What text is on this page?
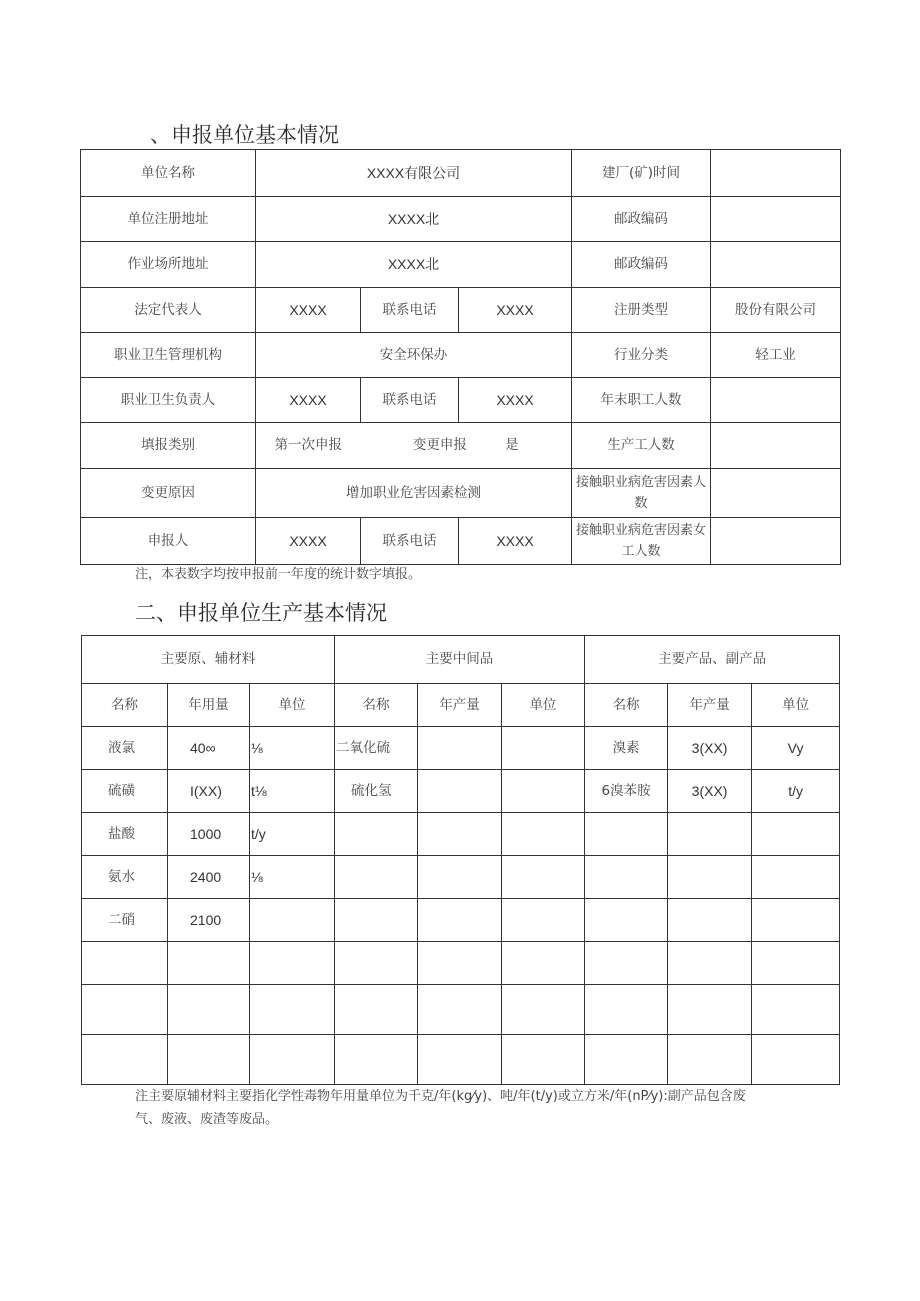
、申报单位基本情况
单位名称	XXXX有限公司			建厂(矿)时间	
单位注册地址	XXXX北			邮政编码	
作业场所地址	XXXX北			邮政编码	
法定代表人	XXXX	联系电话	XXXX	注册类型	股份有限公司
职业卫生管理机构	安全环保办			行业分类	轻工业
职业卫生负责人	XXXX	联系电话	XXXX	年末职工人数	
填报类别	第一次申报	变更申报 是		生产工人数	
变更原因	增加职业危害因素检测			接触职业病危害因素人数	
申报人	XXXX	联系电话	XXXX	接触职业病危害因素女工人数	
注，本表数字均按申报前一年度的统计数字填报。
二、申报单位生产基本情况
主要原、辅材料			主要中间品			主要产品、副产品		
名称	年用量	单位	名称	年产量	单位	名称	年产量	单位
液氯	40∞	⅛	二氧化硫			溴素	3(XX)	Vy
硫磺	I(XX)	t⅛	硫化氢			6溴苯胺	3(XX)	t/y
盐酸	1000	t/y						
氨水	2400	⅛						
二硝	2100							

注主要原辅材料主要指化学性毒物年用量单位为千克/年(kg⁄y)、吨/年(t/y)或立方米/年(nP⁄y):副产品包含废
气、废液、废渣等废品。
